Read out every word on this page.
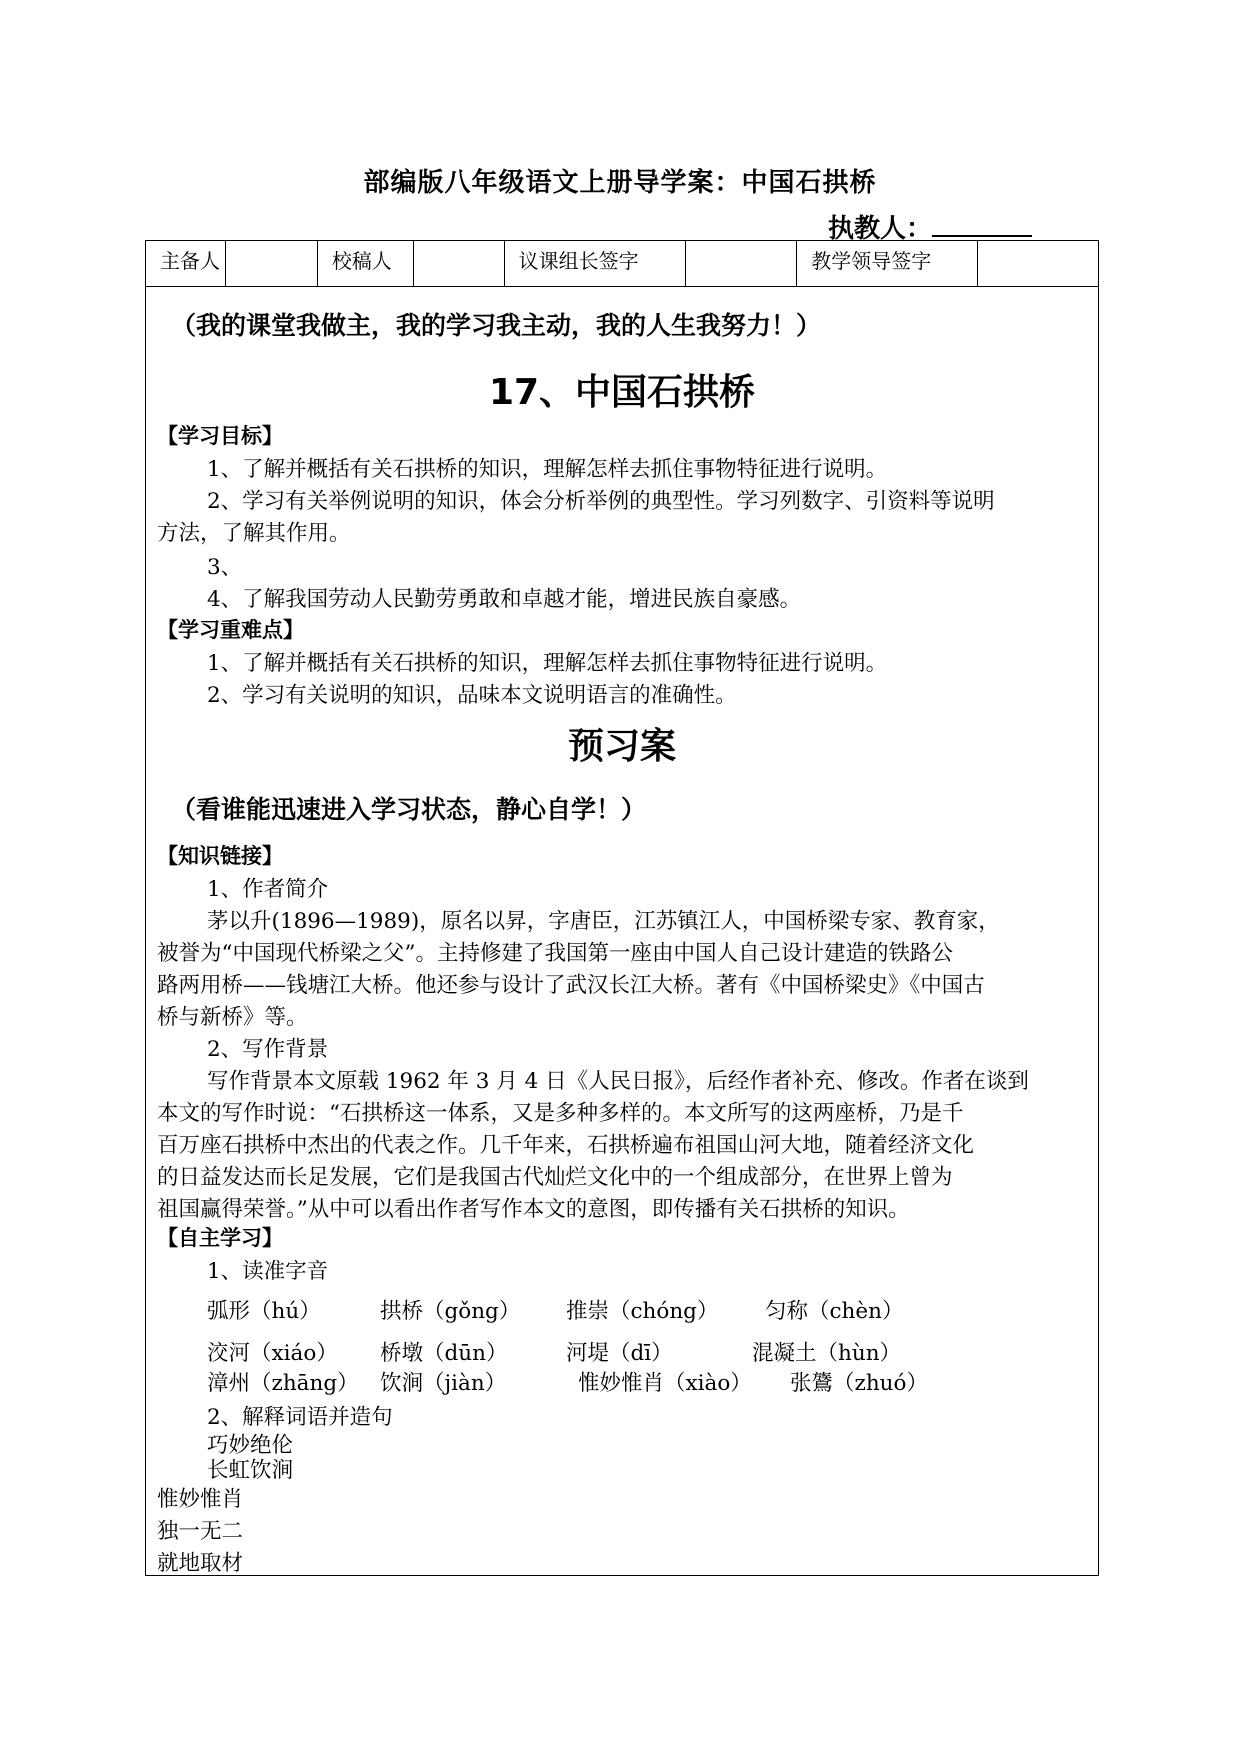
部编版八年级语文上册导学案：中国石拱桥
执教人：
主备人		校稿人		议课组长签字		教学领导签字	
（我的课堂我做主，我的学习我主动，我的人生我努力！）
17、中国石拱桥
【学习目标】
1、了解并概括有关石拱桥的知识，理解怎样去抓住事物特征进行说明。
2、学习有关举例说明的知识，体会分析举例的典型性。学习列数字、引资料等说明
方法，了解其作用。
3、
4、了解我国劳动人民勤劳勇敢和卓越才能，增进民族自豪感。
【学习重难点】
1、了解并概括有关石拱桥的知识，理解怎样去抓住事物特征进行说明。
2、学习有关说明的知识，品味本文说明语言的准确性。
预习案
（看谁能迅速进入学习状态，静心自学！）
【知识链接】
1、作者简介
茅以升(1896—1989)，原名以昇，字唐臣，江苏镇江人，中国桥梁专家、教育家，
被誉为“中国现代桥梁之父”。主持修建了我国第一座由中国人自己设计建造的铁路公
路两用桥——钱塘江大桥。他还参与设计了武汉长江大桥。著有《中国桥梁史》《中国古
桥与新桥》等。
2、写作背景
写作背景本文原载 1962 年 3 月 4 日《人民日报》，后经作者补充、修改。作者在谈到
本文的写作时说：“石拱桥这一体系，又是多种多样的。本文所写的这两座桥，乃是千
百万座石拱桥中杰出的代表之作。几千年来，石拱桥遍布祖国山河大地，随着经济文化
的日益发达而长足发展，它们是我国古代灿烂文化中的一个组成部分，在世界上曾为
祖国赢得荣誉。”从中可以看出作者写作本文的意图，即传播有关石拱桥的知识。
【自主学习】
1、读准字音
弧形（hú）	拱桥（gǒng） 推崇（chóng） 匀称（chèn）
洨河（xiáo） 桥墩（dūn）	河堤（dī）	混凝土（hùn）
漳州（zhāng） 饮涧（jiàn）	惟妙惟肖（xiào） 张鷟（zhuó）
2、解释词语并造句
巧妙绝伦
长虹饮涧
惟妙惟肖
独一无二
就地取材
